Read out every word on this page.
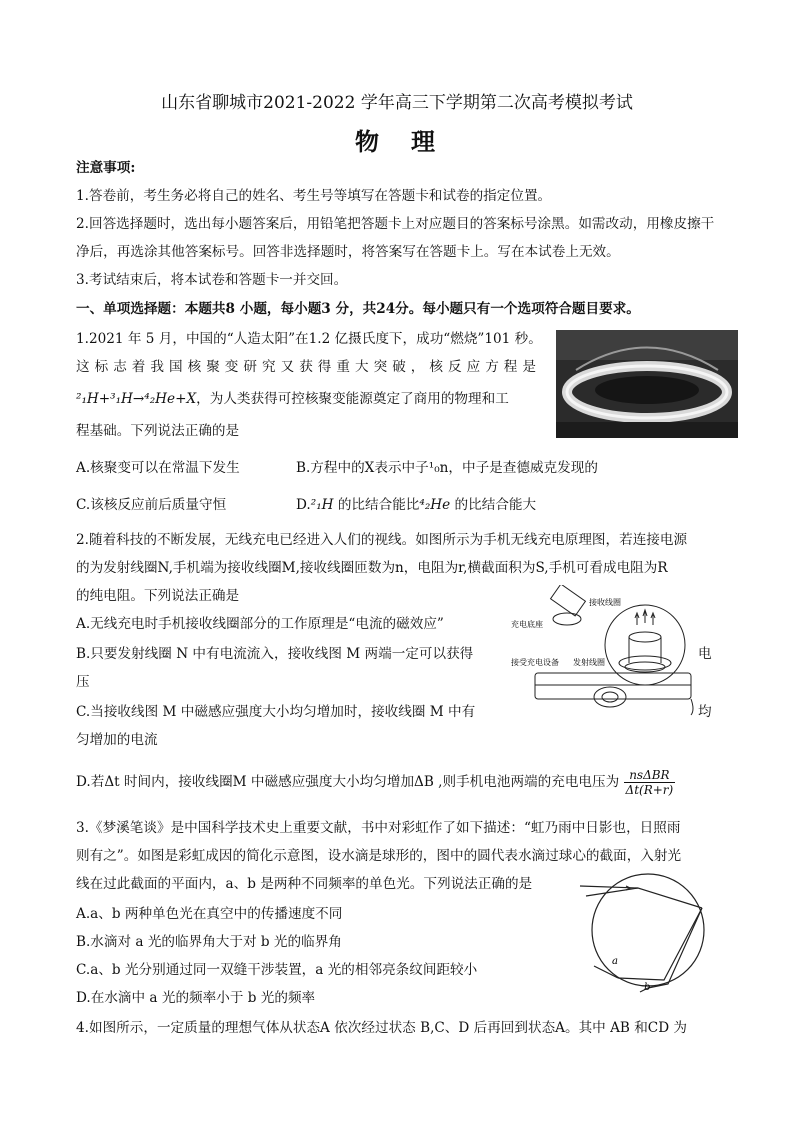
山东省聊城市2021-2022 学年高三下学期第二次高考模拟考试
物　理
注意事项:
1.答卷前，考生务必将自己的姓名、考生号等填写在答题卡和试卷的指定位置。
2.回答选择题时，选出每小题答案后，用铅笔把答题卡上对应题目的答案标号涂黑。如需改动，用橡皮擦干
净后，再选涂其他答案标号。回答非选择题时，将答案写在答题卡上。写在本试卷上无效。
3.考试结束后，将本试卷和答题卡一并交回。
一、单项选择题：本题共8 小题，每小题3 分，共24分。每小题只有一个选项符合题目要求。
1.2021 年 5 月，中国的“人造太阳”在1.2 亿摄氏度下，成功“燃烧”101 秒。
这 标 志 着 我 国 核 聚 变 研 究 又 获 得 重 大 突 破 ， 核 反 应 方 程 是
²₁H+³₁H→⁴₂He+X，为人类获得可控核聚变能源奠定了商用的物理和工
程基础。下列说法正确的是
A.核聚变可以在常温下发生	B.方程中的X表示中子¹₀n，中子是查德威克发现的
C.该核反应前后质量守恒	D.²₁H 的比结合能比⁴₂He 的比结合能大
2.随着科技的不断发展，无线充电已经进入人们的视线。如图所示为手机无线充电原理图，若连接电源
的为发射线圈N,手机端为接收线圈M,接收线圈匝数为n，电阻为r,横截面积为S,手机可看成电阻为R
的纯电阻。下列说法正确是
A.无线充电时手机接收线圈部分的工作原理是“电流的磁效应”
B.只要发射线圈 N 中有电流流入，接收线图 M 两端一定可以获得	电
压
C.当接收线图 M 中磁感应强度大小均匀增加时，接收线圈 M 中有	均
匀增加的电流
接收线圈
充电底座
接受充电设备 发射线圈
D.若Δt 时间内，接收线圈M 中磁感应强度大小均匀增加ΔB ,则手机电池两端的充电电压为 $\frac{\text{nsΔBR}}{\Delta t(R+r)}$
3.《梦溪笔谈》是中国科学技术史上重要文献，书中对彩虹作了如下描述：“虹乃雨中日影也，日照雨
则有之”。如图是彩虹成因的简化示意图，设水滴是球形的，图中的圆代表水滴过球心的截面，入射光
线在过此截面的平面内，a、b 是两种不同频率的单色光。下列说法正确的是
A.a、b 两种单色光在真空中的传播速度不同
B.水滴对 a 光的临界角大于对 b 光的临界角
C.a、b 光分别通过同一双缝干涉装置，a 光的相邻亮条纹间距较小
D.在水滴中 a 光的频率小于 b 光的频率
a
b
4.如图所示，一定质量的理想气体从状态A 依次经过状态 B,C、D 后再回到状态A。其中 AB 和CD 为
